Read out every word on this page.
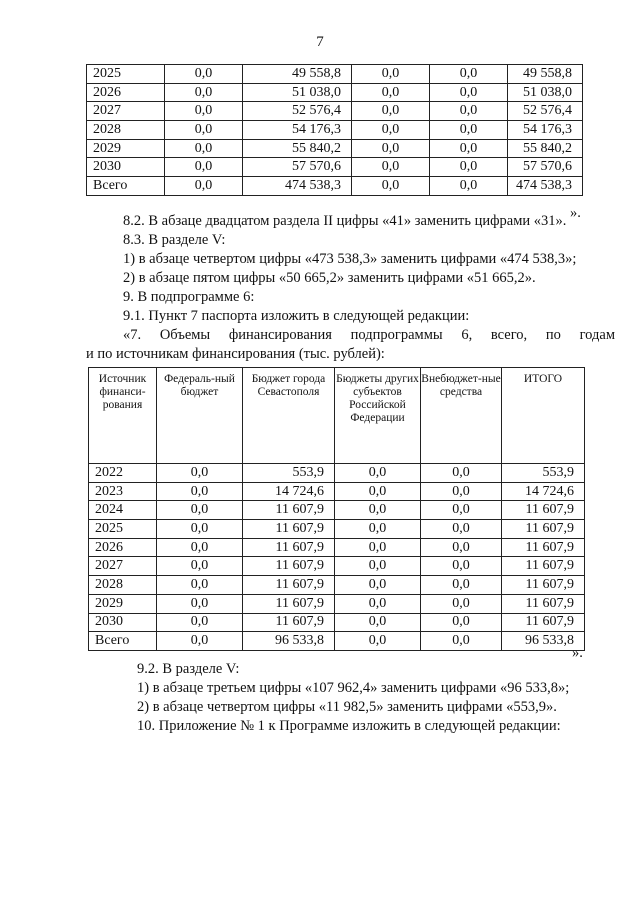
7
2025	0,0	49 558,8	0,0	0,0	49 558,8
2026	0,0	51 038,0	0,0	0,0	51 038,0
2027	0,0	52 576,4	0,0	0,0	52 576,4
2028	0,0	54 176,3	0,0	0,0	54 176,3
2029	0,0	55 840,2	0,0	0,0	55 840,2
2030	0,0	57 570,6	0,0	0,0	57 570,6
Всего	0,0	474 538,3	0,0	0,0	474 538,3
».
8.2. В абзаце двадцатом раздела II цифры «41» заменить цифрами «31».
8.3. В разделе V:
1) в абзаце четвертом цифры «473 538,3» заменить цифрами «474 538,3»;
2) в абзаце пятом цифры «50 665,2» заменить цифрами «51 665,2».
9. В подпрограмме 6:
9.1. Пункт 7 паспорта изложить в следующей редакции:
«7. Объемы финансирования подпрограммы 6, всего, по годам
и по источникам финансирования (тыс. рублей):
Источник финанси-рования	Федераль-ный бюджет	Бюджет города Севастополя	Бюджеты других субъектов Российской Федерации	Внебюджет-ные средства	ИТОГО
2022	0,0	553,9	0,0	0,0	553,9
2023	0,0	14 724,6	0,0	0,0	14 724,6
2024	0,0	11 607,9	0,0	0,0	11 607,9
2025	0,0	11 607,9	0,0	0,0	11 607,9
2026	0,0	11 607,9	0,0	0,0	11 607,9
2027	0,0	11 607,9	0,0	0,0	11 607,9
2028	0,0	11 607,9	0,0	0,0	11 607,9
2029	0,0	11 607,9	0,0	0,0	11 607,9
2030	0,0	11 607,9	0,0	0,0	11 607,9
Всего	0,0	96 533,8	0,0	0,0	96 533,8
».
9.2. В разделе V:
1) в абзаце третьем цифры «107 962,4» заменить цифрами «96 533,8»;
2) в абзаце четвертом цифры «11 982,5» заменить цифрами «553,9».
10. Приложение № 1 к Программе изложить в следующей редакции:
